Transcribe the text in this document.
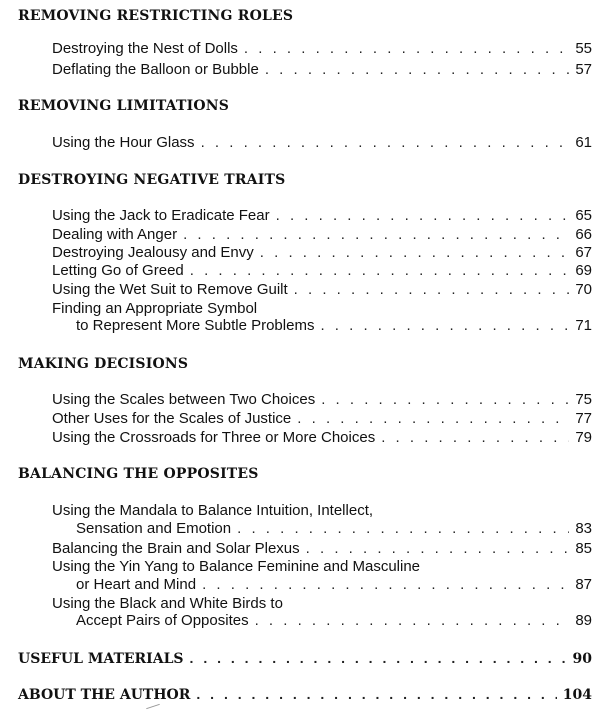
REMOVING RESTRICTING ROLES
Destroying the Nest of Dolls . . .	55
Deflating the Balloon or Bubble . . .	57
REMOVING LIMITATIONS
Using the Hour Glass . . .	61
DESTROYING NEGATIVE TRAITS
Using the Jack to Eradicate Fear . . .	65
Dealing with Anger . . .	66
Destroying Jealousy and Envy . . .	67
Letting Go of Greed . . .	69
Using the Wet Suit to Remove Guilt . . .	70
Finding an Appropriate Symbol
to Represent More Subtle Problems . . .	71
MAKING DECISIONS
Using the Scales between Two Choices . . .	75
Other Uses for the Scales of Justice . . .	77
Using the Crossroads for Three or More Choices . . .	79
BALANCING THE OPPOSITES
Using the Mandala to Balance Intuition, Intellect,
Sensation and Emotion . . .	83
Balancing the Brain and Solar Plexus . . .	85
Using the Yin Yang to Balance Feminine and Masculine
or Heart and Mind . . .	87
Using the Black and White Birds to
Accept Pairs of Opposites . . .	89
USEFUL MATERIALS . . .	90
ABOUT THE AUTHOR . . .	104
